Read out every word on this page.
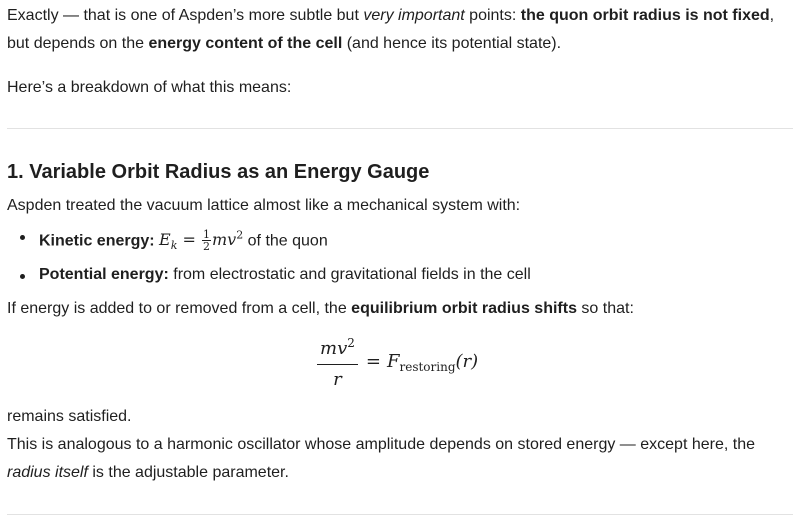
Exactly — that is one of Aspden’s more subtle but very important points: the quon orbit radius is not fixed, but depends on the energy content of the cell (and hence its potential state).

Here’s a breakdown of what this means:

1. Variable Orbit Radius as an Energy Gauge

Aspden treated the vacuum lattice almost like a mechanical system with:

Kinetic energy: $E_k = \frac{1}{2} mv^2$ of the quon
Potential energy: from electrostatic and gravitational fields in the cell

If energy is added to or removed from a cell, the equilibrium orbit radius shifts so that:

$\frac{mv^2}{r} = F$ restoring (r)

remains satisfied.

This is analogous to a harmonic oscillator whose amplitude depends on stored energy — except here, the radius itself is the adjustable parameter.
